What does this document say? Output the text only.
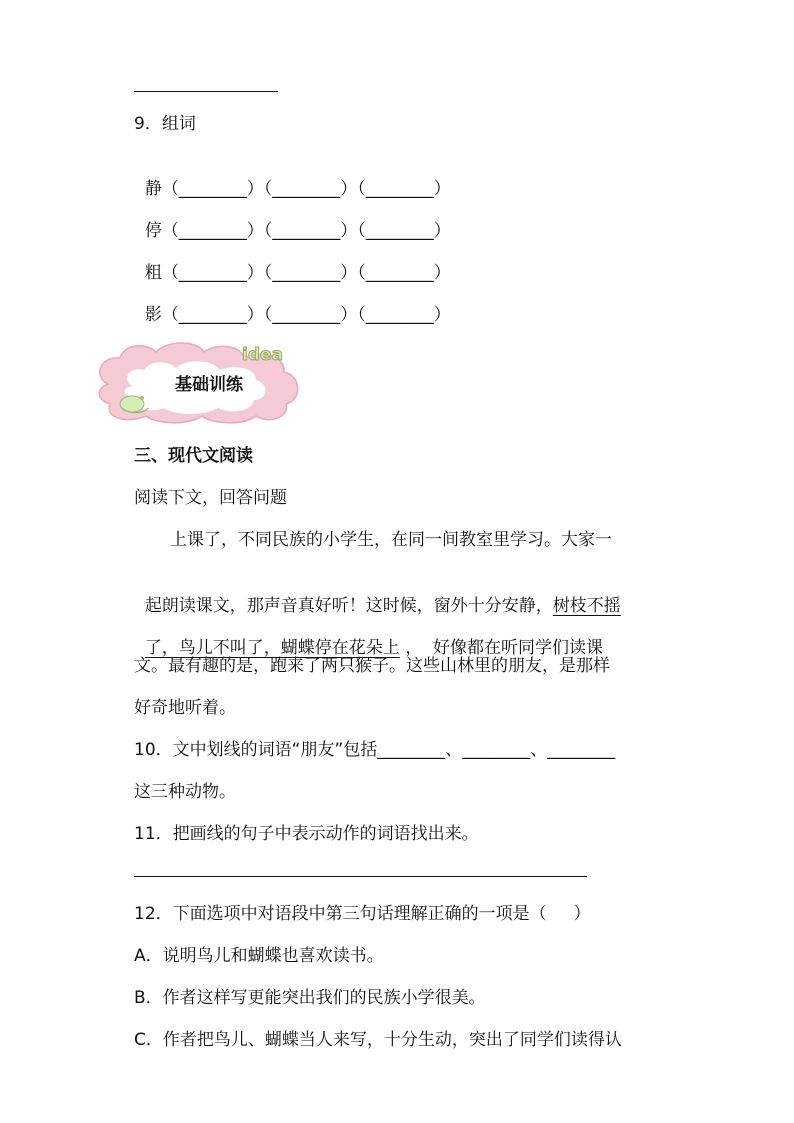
9．组词

静（________）（________）（________）

停（________）（________）（________）

粗（________）（________）（________）

影（________）（________）（________）

idea
基础训练
三、现代文阅读
阅读下文，回答问题
上课了，不同民族的小学生，在同一间教室里学习。大家一

起朗读课文，那声音真好听！这时候，窗外十分安静，树枝不摇

了，鸟儿不叫了，蝴蝶停在花朵上 ，  好像都在听同学们读课

文。最有趣的是，跑来了两只猴子。这些山林里的朋友，是那样
好奇地听着。
10．文中划线的词语“朋友”包括________、________、________
这三种动物。
11．把画线的句子中表示动作的词语找出来。
12．下面选项中对语段中第三句话理解正确的一项是（     ）
A．说明鸟儿和蝴蝶也喜欢读书。
B．作者这样写更能突出我们的民族小学很美。
C．作者把鸟儿、蝴蝶当人来写，十分生动，突出了同学们读得认
